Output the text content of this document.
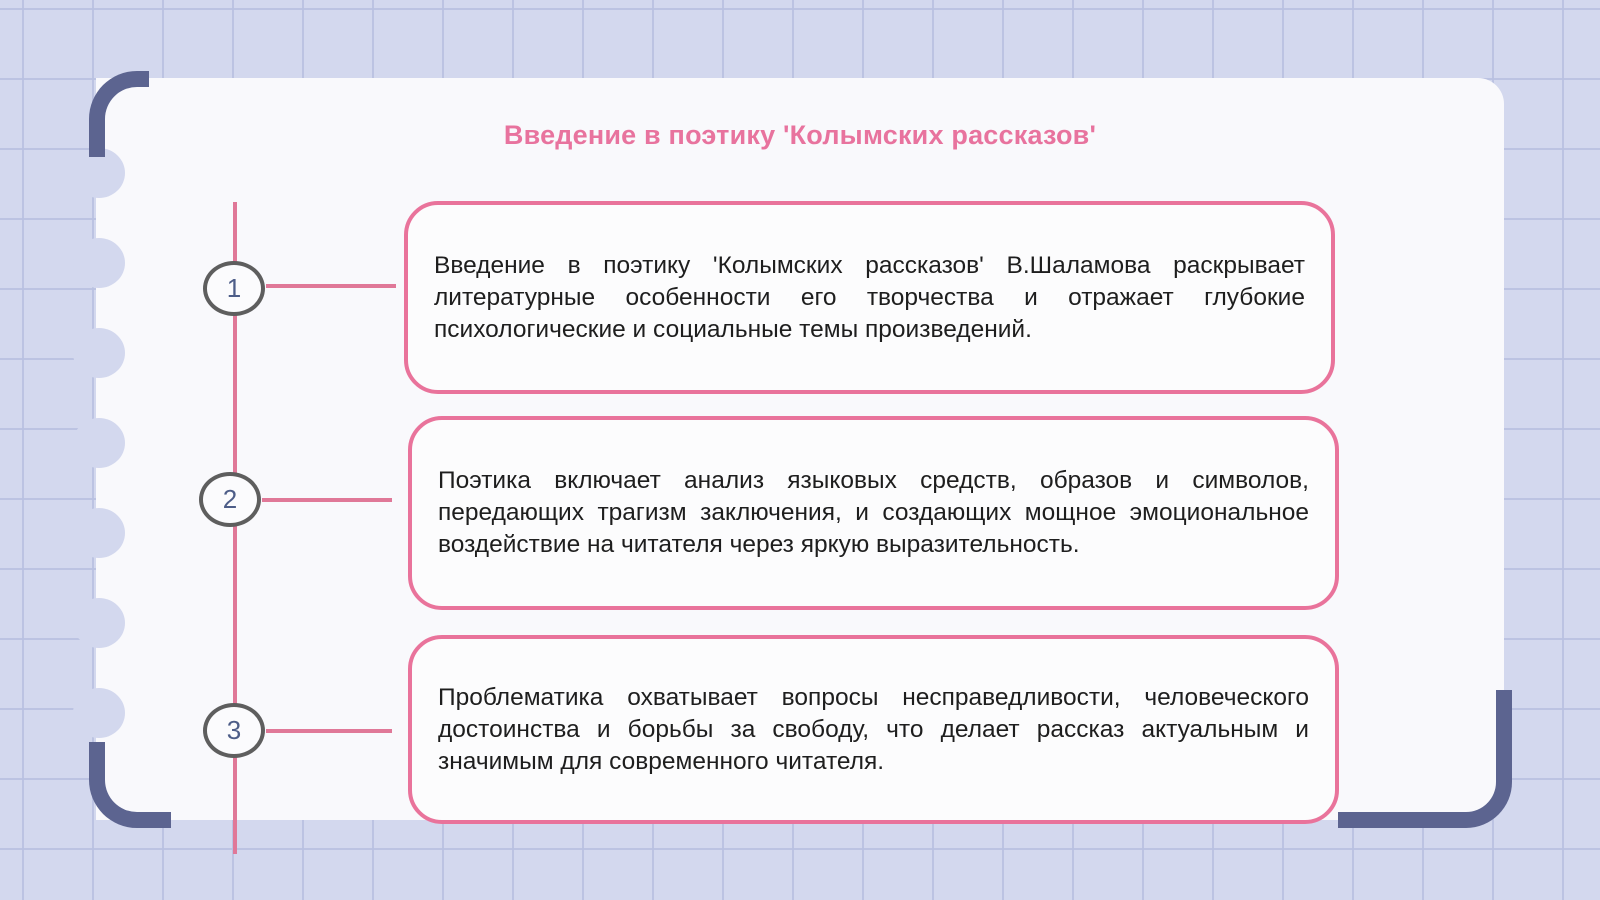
Введение в поэтику 'Колымских рассказов'
1
2
3
Введение в поэтику 'Колымских рассказов' В.Шаламова раскрывает литературные особенности его творчества и отражает глубокие психологические и социальные темы произведений.
Поэтика включает анализ языковых средств, образов и символов, передающих трагизм заключения, и создающих мощное эмоциональное воздействие на читателя через яркую выразительность.
Проблематика охватывает вопросы несправедливости, человеческого достоинства и борьбы за свободу, что делает рассказ актуальным и значимым для современного читателя.
